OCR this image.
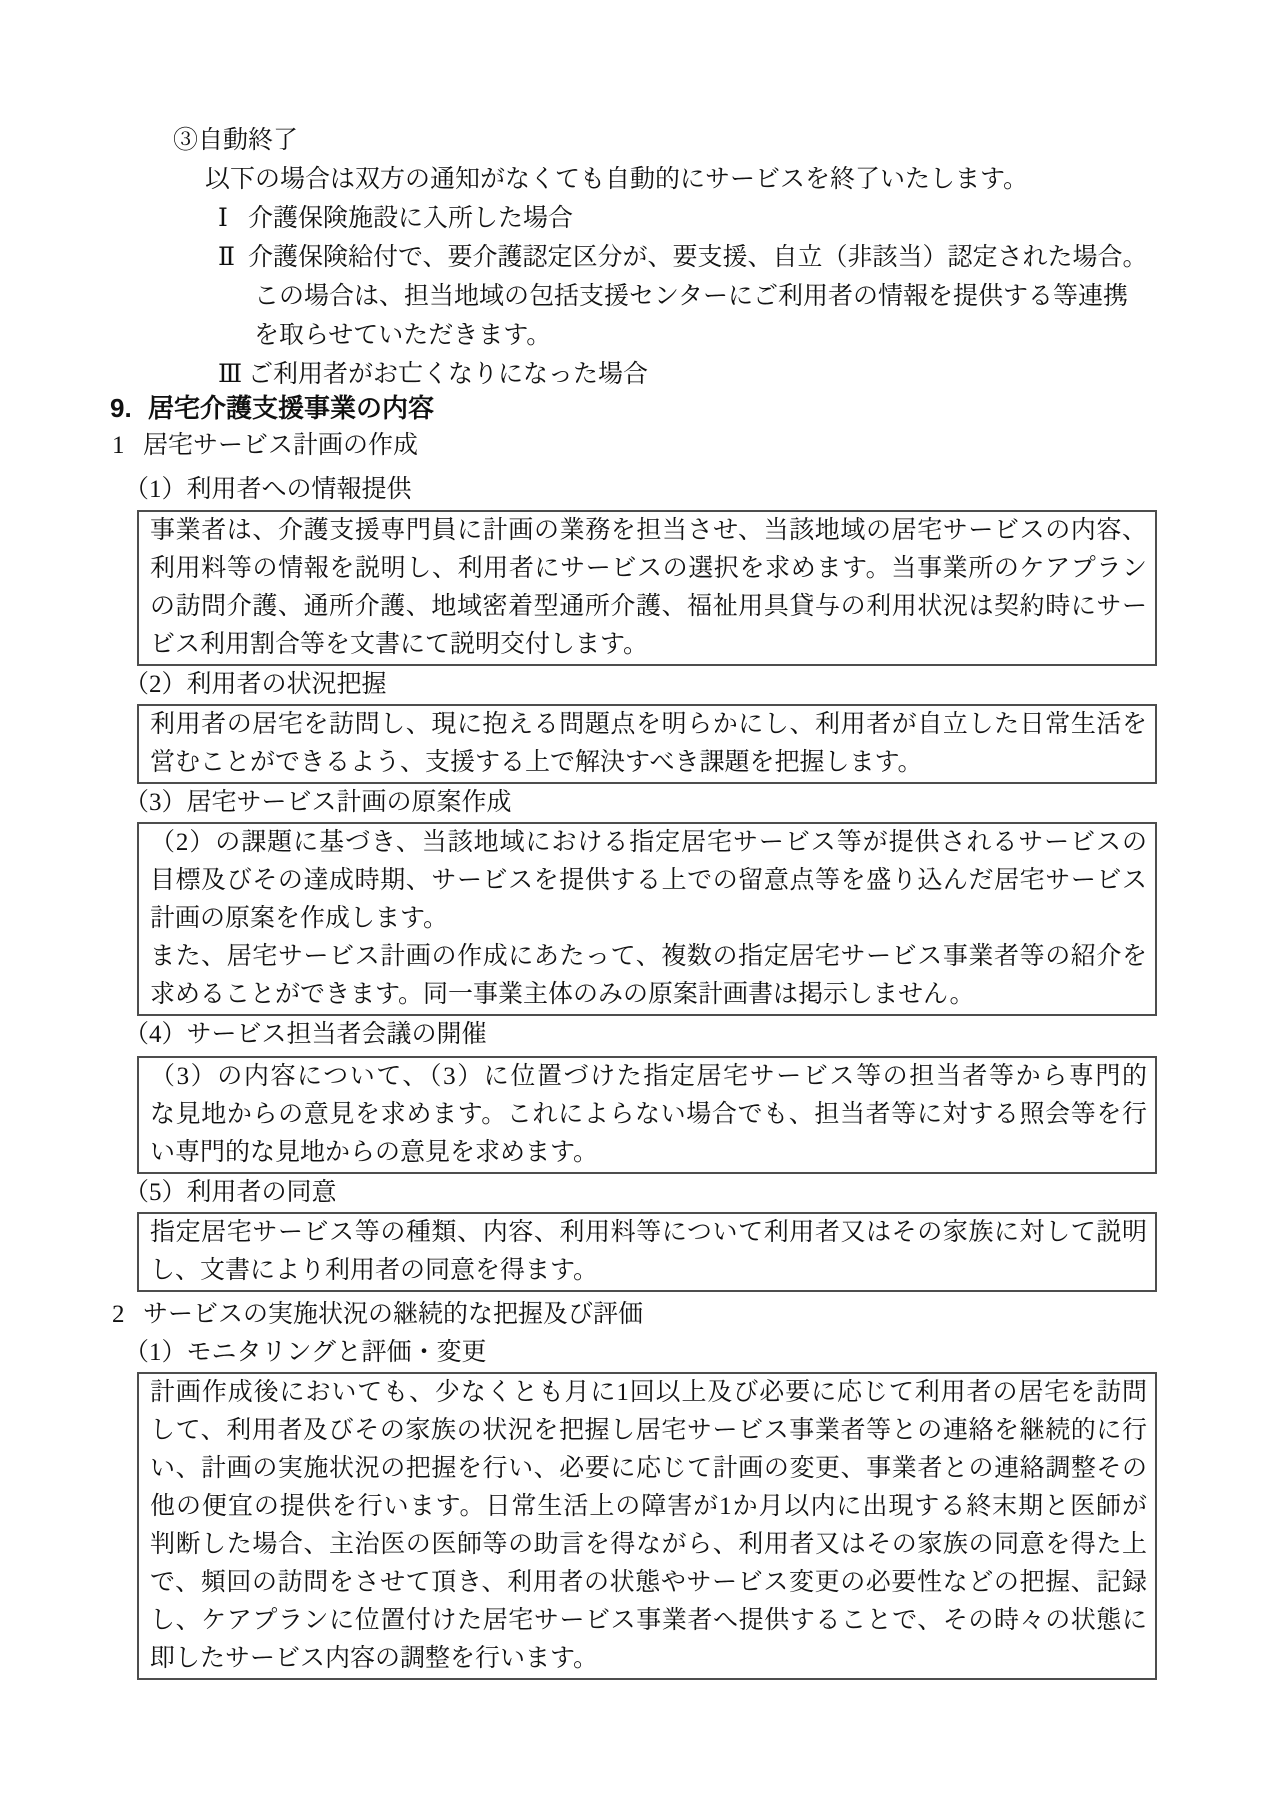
③自動終了
以下の場合は双方の通知がなくても自動的にサービスを終了いたします。
Ⅰ 介護保険施設に入所した場合
Ⅱ 介護保険給付で、要介護認定区分が、要支援、自立（非該当）認定された場合。
この場合は、担当地域の包括支援センターにご利用者の情報を提供する等連携
を取らせていただきます。
Ⅲ ご利用者がお亡くなりになった場合
9. 居宅介護支援事業の内容
1 居宅サービス計画の作成
（1）利用者への情報提供
事業者は、介護支援専門員に計画の業務を担当させ、当該地域の居宅サービスの内容、
利用料等の情報を説明し、利用者にサービスの選択を求めます。当事業所のケアプラン
の訪問介護、通所介護、地域密着型通所介護、福祉用具貸与の利用状況は契約時にサー
ビス利用割合等を文書にて説明交付します。
（2）利用者の状況把握
利用者の居宅を訪問し、現に抱える問題点を明らかにし、利用者が自立した日常生活を
営むことができるよう、支援する上で解決すべき課題を把握します。
（3）居宅サービス計画の原案作成
（2）の課題に基づき、当該地域における指定居宅サービス等が提供されるサービスの
目標及びその達成時期、サービスを提供する上での留意点等を盛り込んだ居宅サービス
計画の原案を作成します。
また、居宅サービス計画の作成にあたって、複数の指定居宅サービス事業者等の紹介を
求めることができます。同一事業主体のみの原案計画書は掲示しません。
（4）サービス担当者会議の開催
（3）の内容について、（3）に位置づけた指定居宅サービス等の担当者等から専門的
な見地からの意見を求めます。これによらない場合でも、担当者等に対する照会等を行
い専門的な見地からの意見を求めます。
（5）利用者の同意
指定居宅サービス等の種類、内容、利用料等について利用者又はその家族に対して説明
し、文書により利用者の同意を得ます。
2 サービスの実施状況の継続的な把握及び評価
（1）モニタリングと評価・変更
計画作成後においても、少なくとも月に1回以上及び必要に応じて利用者の居宅を訪問
して、利用者及びその家族の状況を把握し居宅サービス事業者等との連絡を継続的に行
い、計画の実施状況の把握を行い、必要に応じて計画の変更、事業者との連絡調整その
他の便宜の提供を行います。日常生活上の障害が1か月以内に出現する終末期と医師が
判断した場合、主治医の医師等の助言を得ながら、利用者又はその家族の同意を得た上
で、頻回の訪問をさせて頂き、利用者の状態やサービス変更の必要性などの把握、記録
し、ケアプランに位置付けた居宅サービス事業者へ提供することで、その時々の状態に
即したサービス内容の調整を行います。
